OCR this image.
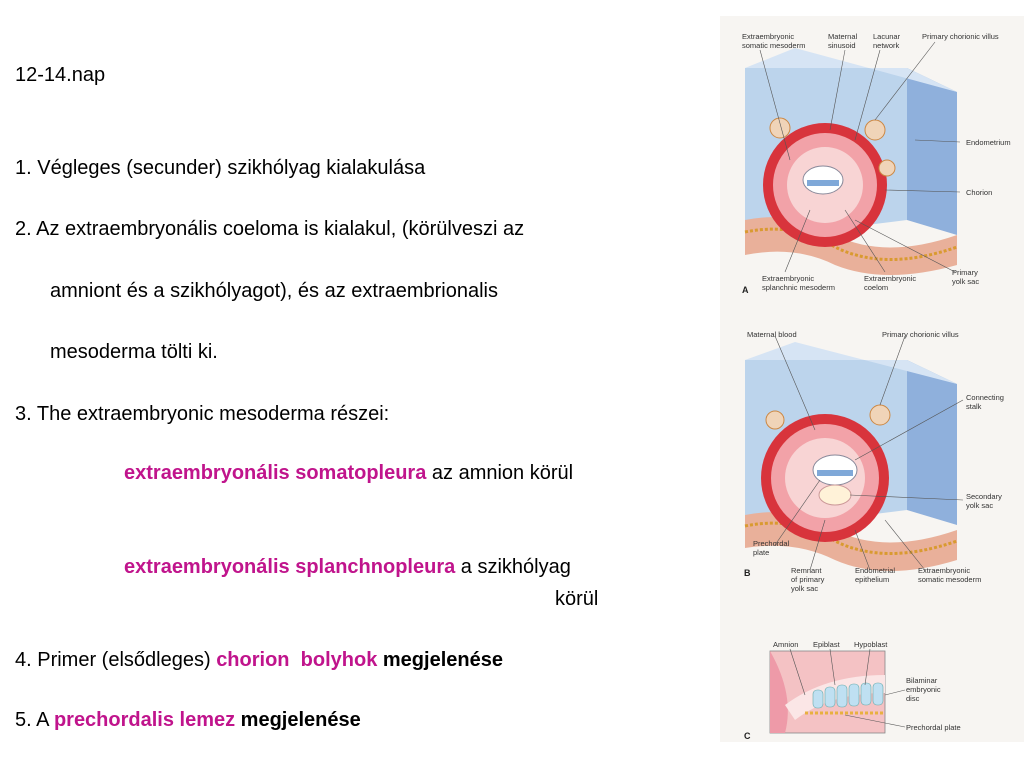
12-14.nap
1. Végleges (secunder) szikhólyag kialakulása
2. Az extraembryonális coeloma is kialakul, (körülveszi az
amniont és a szikhólyagot), és az extraembrionalis
mesoderma tölti ki.
3. The extraembryonic mesoderma részei:
extraembryonális somatopleura az amnion körül
extraembryonális splanchnopleura a szikhólyag
körül
4. Primer (elsődleges) chorion bolyhok megjelenése
5. A prechordalis lemez megjelenése
Extraembryonic
somatic mesoderm
Maternal
sinusoid
Lacunar
network
Primary chorionic villus
Endometrium
Chorion
Extraembryonic
splanchnic mesoderm
Extraembryonic
coelom
Primary
yolk sac
A
Maternal blood	Primary chorionic villus
Connecting
stalk
Secondary
yolk sac
Prechordal
plate
Remnant
of primary
yolk sac
Endometrial
epithelium
Extraembryonic
somatic mesoderm
B
Amnion Epiblast Hypoblast
Bilaminar
embryonic
disc
Prechordal plate
C
